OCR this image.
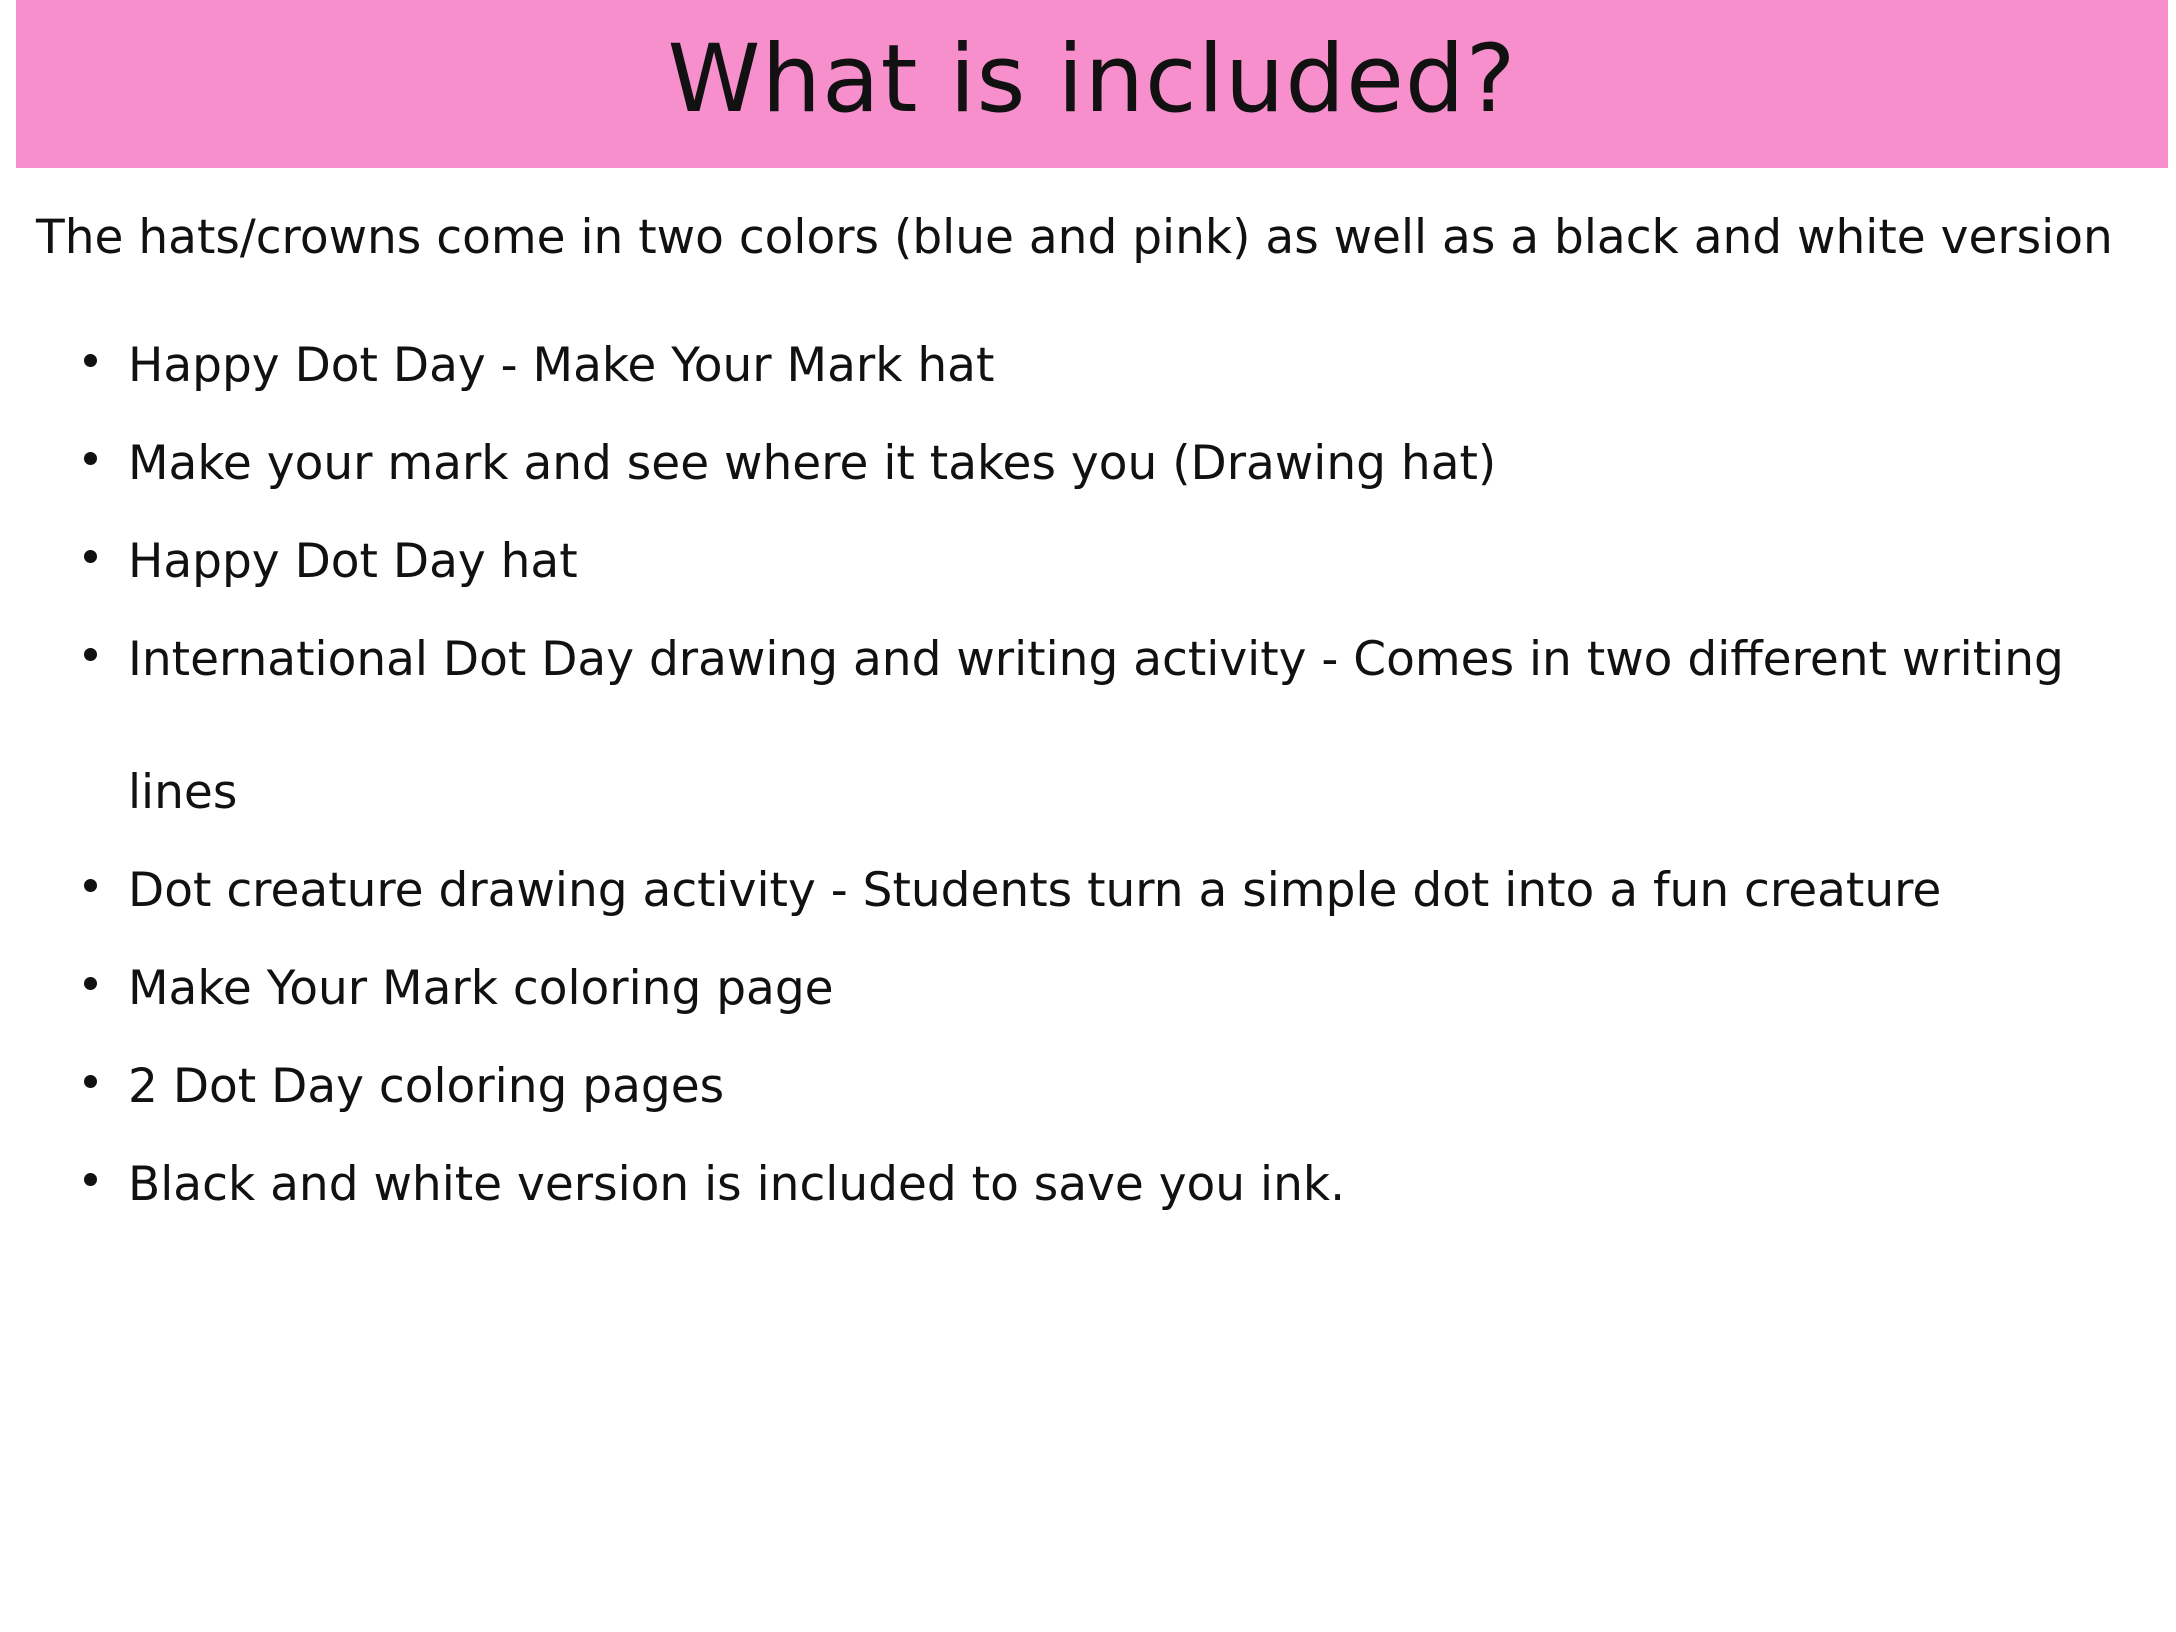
What is included?

The hats/crowns come in two colors (blue and pink) as well as a black and white version

Happy Dot Day - Make Your Mark hat
Make your mark and see where it takes you (Drawing hat)
Happy Dot Day hat
International Dot Day drawing and writing activity - Comes in two different writing lines
Dot creature drawing activity - Students turn a simple dot into a fun creature
Make Your Mark coloring page
2 Dot Day coloring pages
Black and white version is included to save you ink.
